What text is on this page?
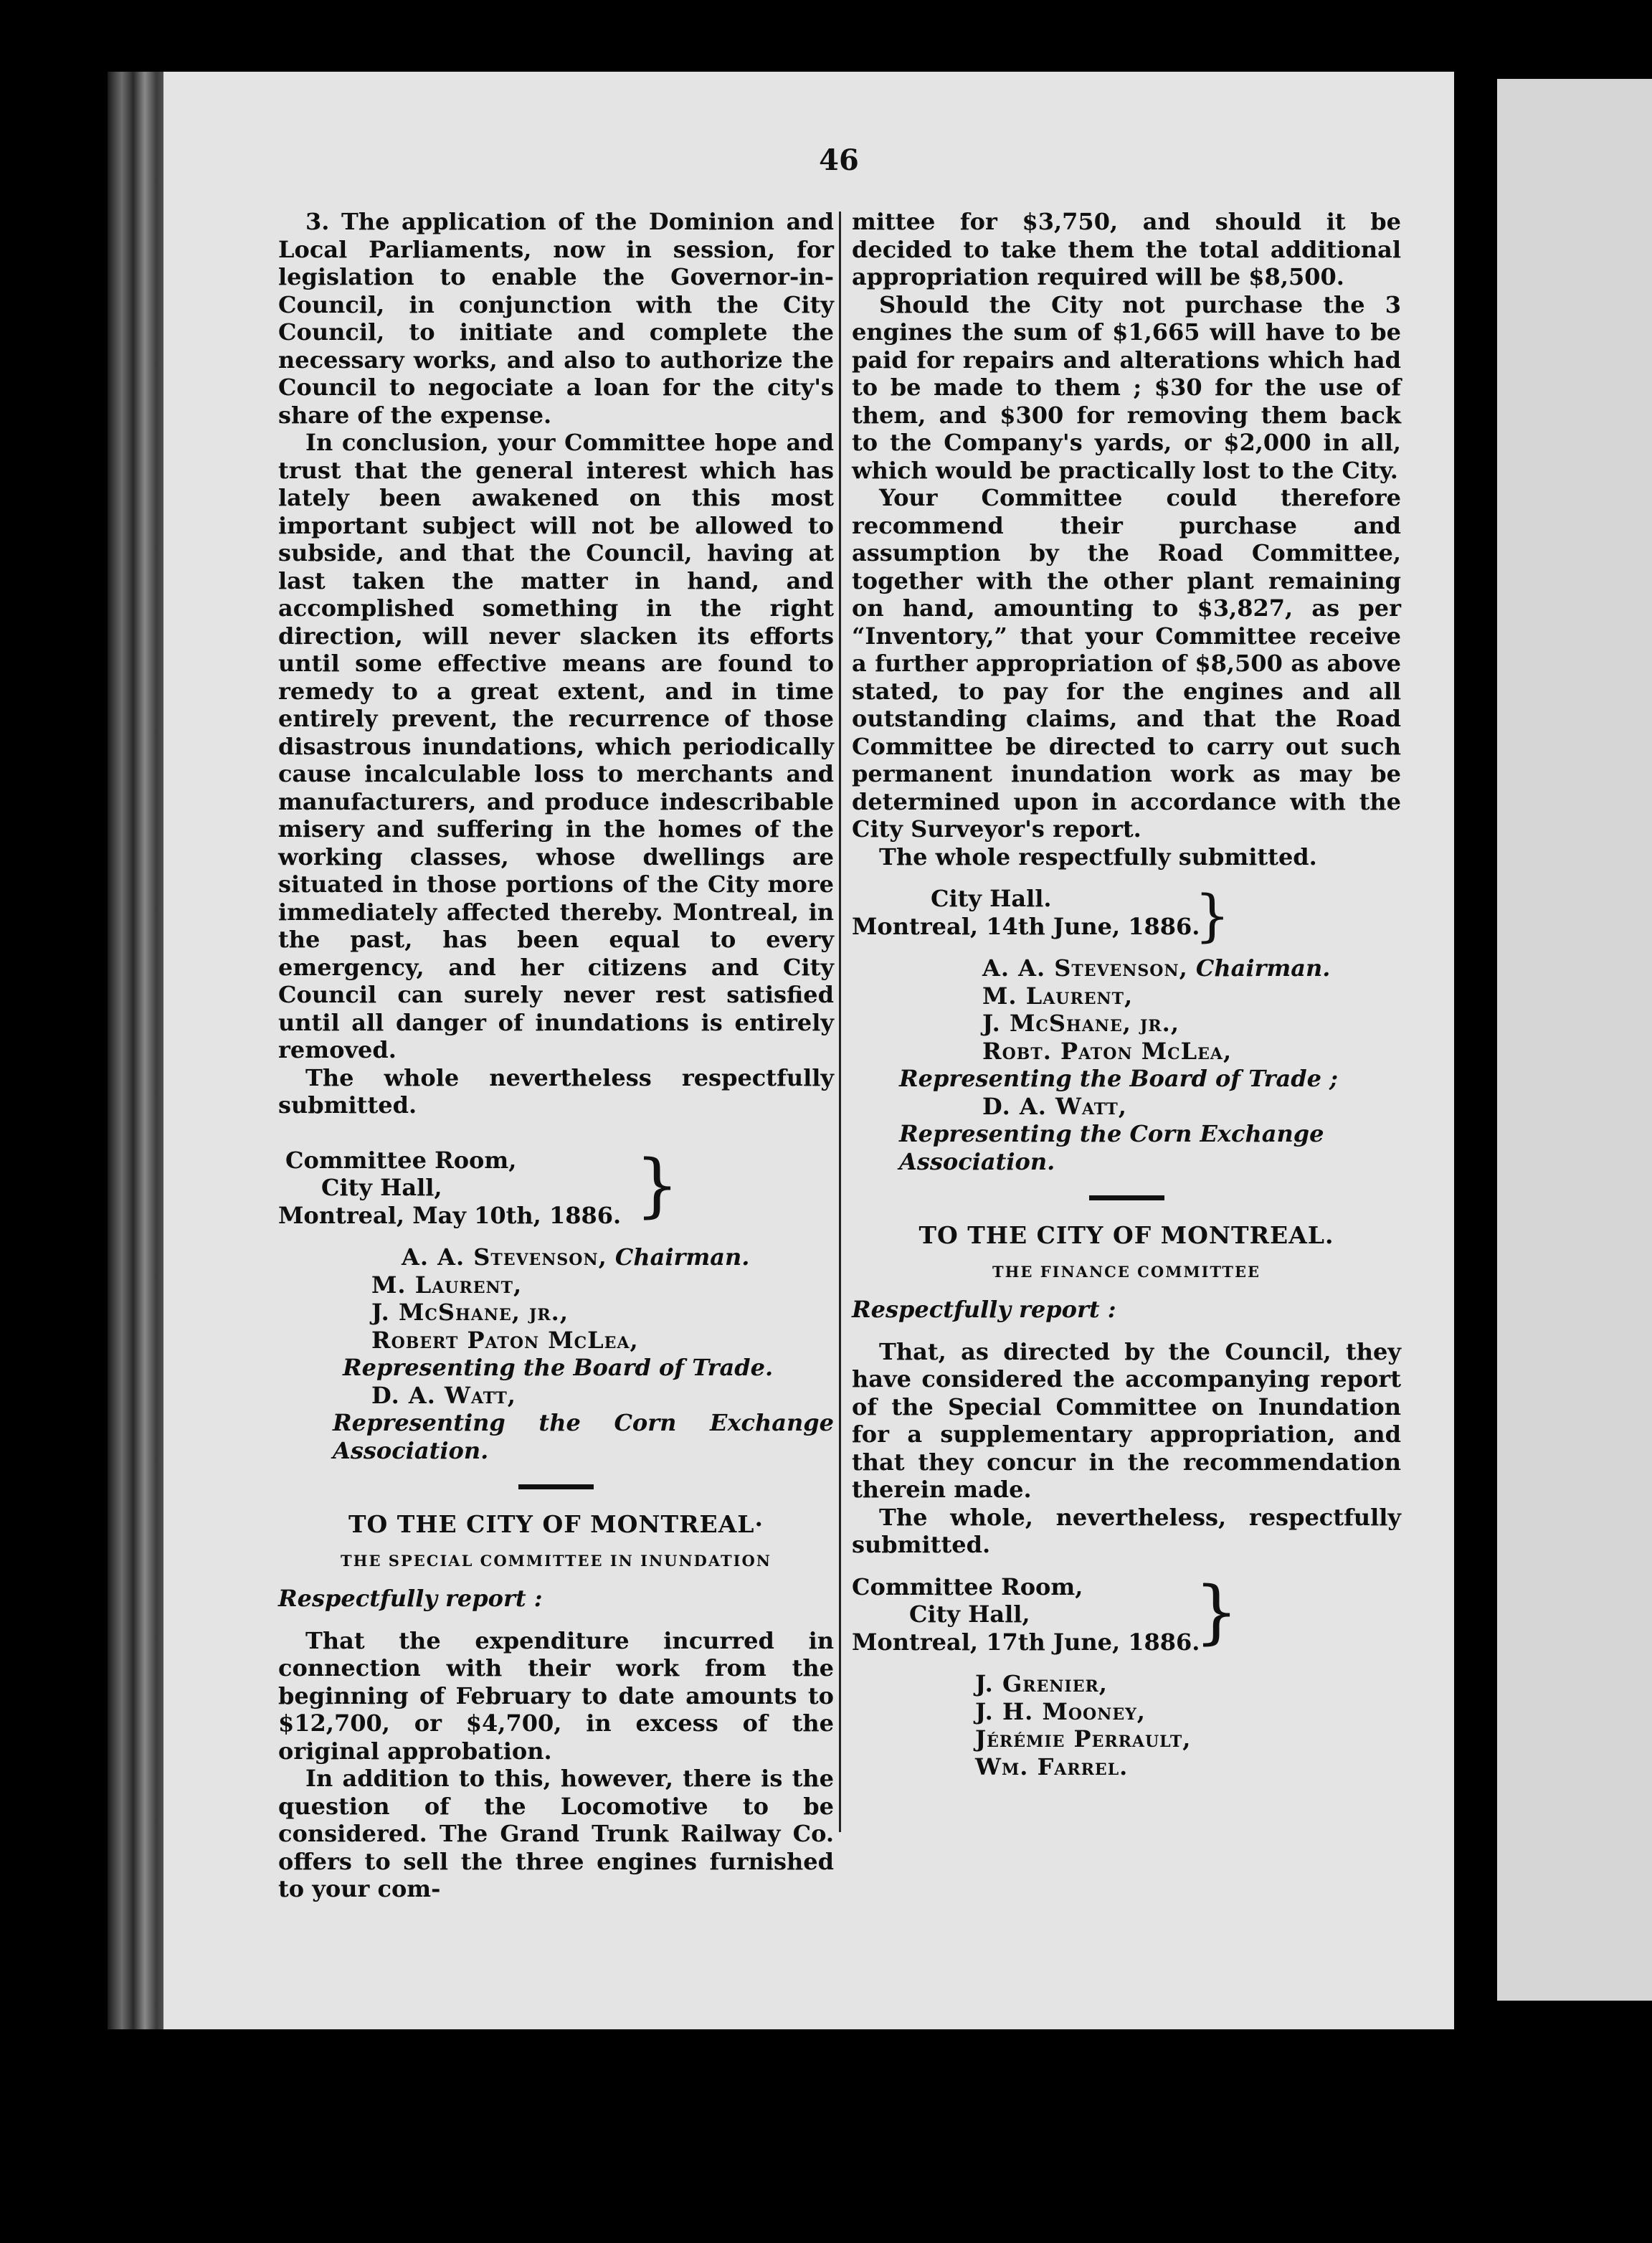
46

3. The application of the Dominion and Local Parliaments, now in session, for legislation to enable the Governor-in-Council, in conjunction with the City Council, to initiate and complete the necessary works, and also to authorize the Council to negociate a loan for the city's share of the expense.

In conclusion, your Committee hope and trust that the general interest which has lately been awakened on this most important subject will not be allowed to subside, and that the Council, having at last taken the matter in hand, and accomplished something in the right direction, will never slacken its efforts until some effective means are found to remedy to a great extent, and in time entirely prevent, the recurrence of those disastrous inundations, which periodically cause incalculable loss to merchants and manufacturers, and produce indescribable misery and suffering in the homes of the working classes, whose dwellings are situated in those portions of the City more immediately affected thereby. Montreal, in the past, has been equal to every emergency, and her citizens and City Council can surely never rest satisfied until all danger of inundations is entirely removed.

The whole nevertheless respectfully submitted.

Committee Room,
City Hall,
Montreal, May 10th, 1886. }
A. A. Stevenson, Chairman.
M. Laurent,
J. McShane, jr.,
Robert Paton McLea,
Representing the Board of Trade.
D. A. Watt,
Representing the Corn Exchange Association.
TO THE CITY OF MONTREAL·
THE SPECIAL COMMITTEE IN INUNDATION
Respectfully report :

That the expenditure incurred in connection with their work from the beginning of February to date amounts to $12,700, or $4,700, in excess of the original approbation.

In addition to this, however, there is the question of the Locomotive to be considered. The Grand Trunk Railway Co. offers to sell the three engines furnished to your com-

mittee for $3,750, and should it be decided to take them the total additional appropriation required will be $8,500.

Should the City not purchase the 3 engines the sum of $1,665 will have to be paid for repairs and alterations which had to be made to them ; $30 for the use of them, and $300 for removing them back to the Company's yards, or $2,000 in all, which would be practically lost to the City.

Your Committee could therefore recommend their purchase and assumption by the Road Committee, together with the other plant remaining on hand, amounting to $3,827, as per “Inventory,” that your Committee receive a further appropriation of $8,500 as above stated, to pay for the engines and all outstanding claims, and that the Road Committee be directed to carry out such permanent inundation work as may be determined upon in accordance with the City Surveyor's report.

The whole respectfully submitted.

City Hall.
Montreal, 14th June, 1886.
}
A. A. Stevenson, Chairman.
M. Laurent,
J. McShane, jr.,
Robt. Paton McLea,
Representing the Board of Trade ;
D. A. Watt,
Representing the Corn Exchange Association.
TO THE CITY OF MONTREAL.
THE FINANCE COMMITTEE
Respectfully report :

That, as directed by the Council, they have considered the accompanying report of the Special Committee on Inundation for a supplementary appropriation, and that they concur in the recommendation therein made.

The whole, nevertheless, respectfully submitted.

Committee Room,
City Hall,
Montreal, 17th June, 1886.
}
J. Grenier,
J. H. Mooney,
Jérémie Perrault,
Wm. Farrel.
